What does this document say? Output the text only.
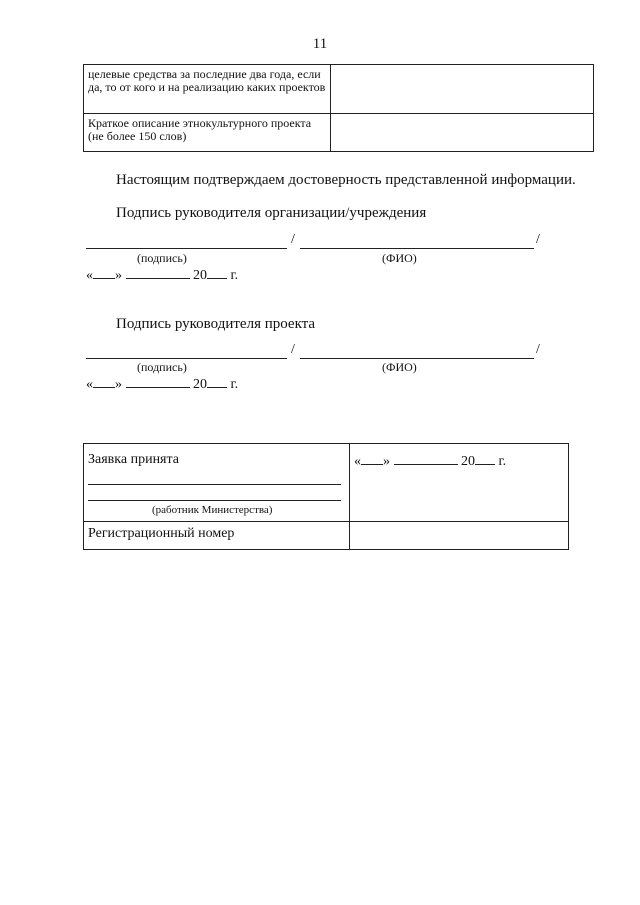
11
целевые средства за последние два года, если да, то от кого и на реализацию каких проектов	
Краткое описание этнокультурного проекта (не более 150 слов)	
Настоящим подтверждаем достоверность представленной информации.
Подпись руководителя организации/учреждения
/	/
(подпись)	(ФИО)
« »	20 г.
Подпись руководителя проекта
/	/
(подпись)	(ФИО)
« »	20 г.
Заявка принята
(работник Министерства)	« » 20 г.

Регистрационный номер	
